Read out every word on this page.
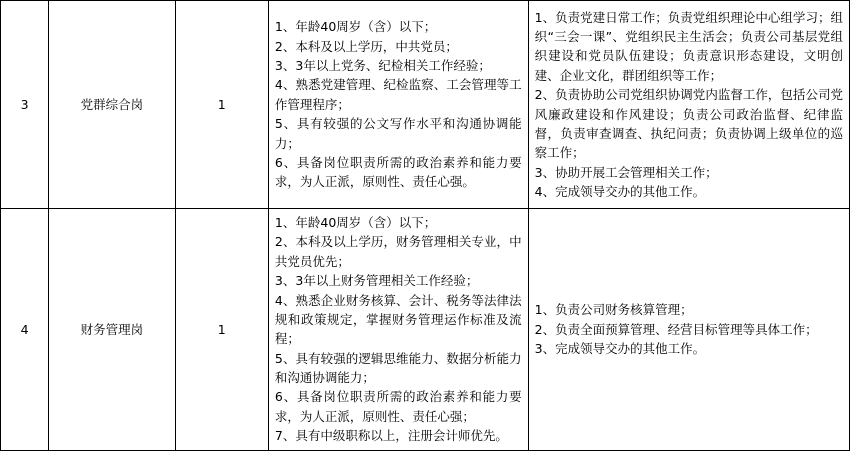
3	党群综合岗	1

1、年龄40周岁（含）以下；
2、本科及以上学历，中共党员；
3、3年以上党务、纪检相关工作经验；
4、熟悉党建管理、纪检监察、工会管理等工作管理程序；
5、具有较强的公文写作水平和沟通协调能力；
6、具备岗位职责所需的政治素养和能力要求，为人正派，原则性、责任心强。

1、负责党建日常工作；负责党组织理论中心组学习；组织“三会一课”、党组织民主生活会；负责公司基层党组织建设和党员队伍建设；负责意识形态建设，文明创建、企业文化，群团组织等工作；
2、负责协助公司党组织协调党内监督工作，包括公司党风廉政建设和作风建设；负责公司政治监督、纪律监督，负责审查调查、执纪问责；负责协调上级单位的巡察工作；
3、协助开展工会管理相关工作；
4、完成领导交办的其他工作。

4	财务管理岗	1

1、年龄40周岁（含）以下；
2、本科及以上学历，财务管理相关专业，中共党员优先；
3、3年以上财务管理相关工作经验；
4、熟悉企业财务核算、会计、税务等法律法规和政策规定，掌握财务管理运作标准及流程；
5、具有较强的逻辑思维能力、数据分析能力和沟通协调能力；
6、具备岗位职责所需的政治素养和能力要求，为人正派，原则性、责任心强；
7、具有中级职称以上，注册会计师优先。

1、负责公司财务核算管理；
2、负责全面预算管理、经营目标管理等具体工作；
3、完成领导交办的其他工作。
